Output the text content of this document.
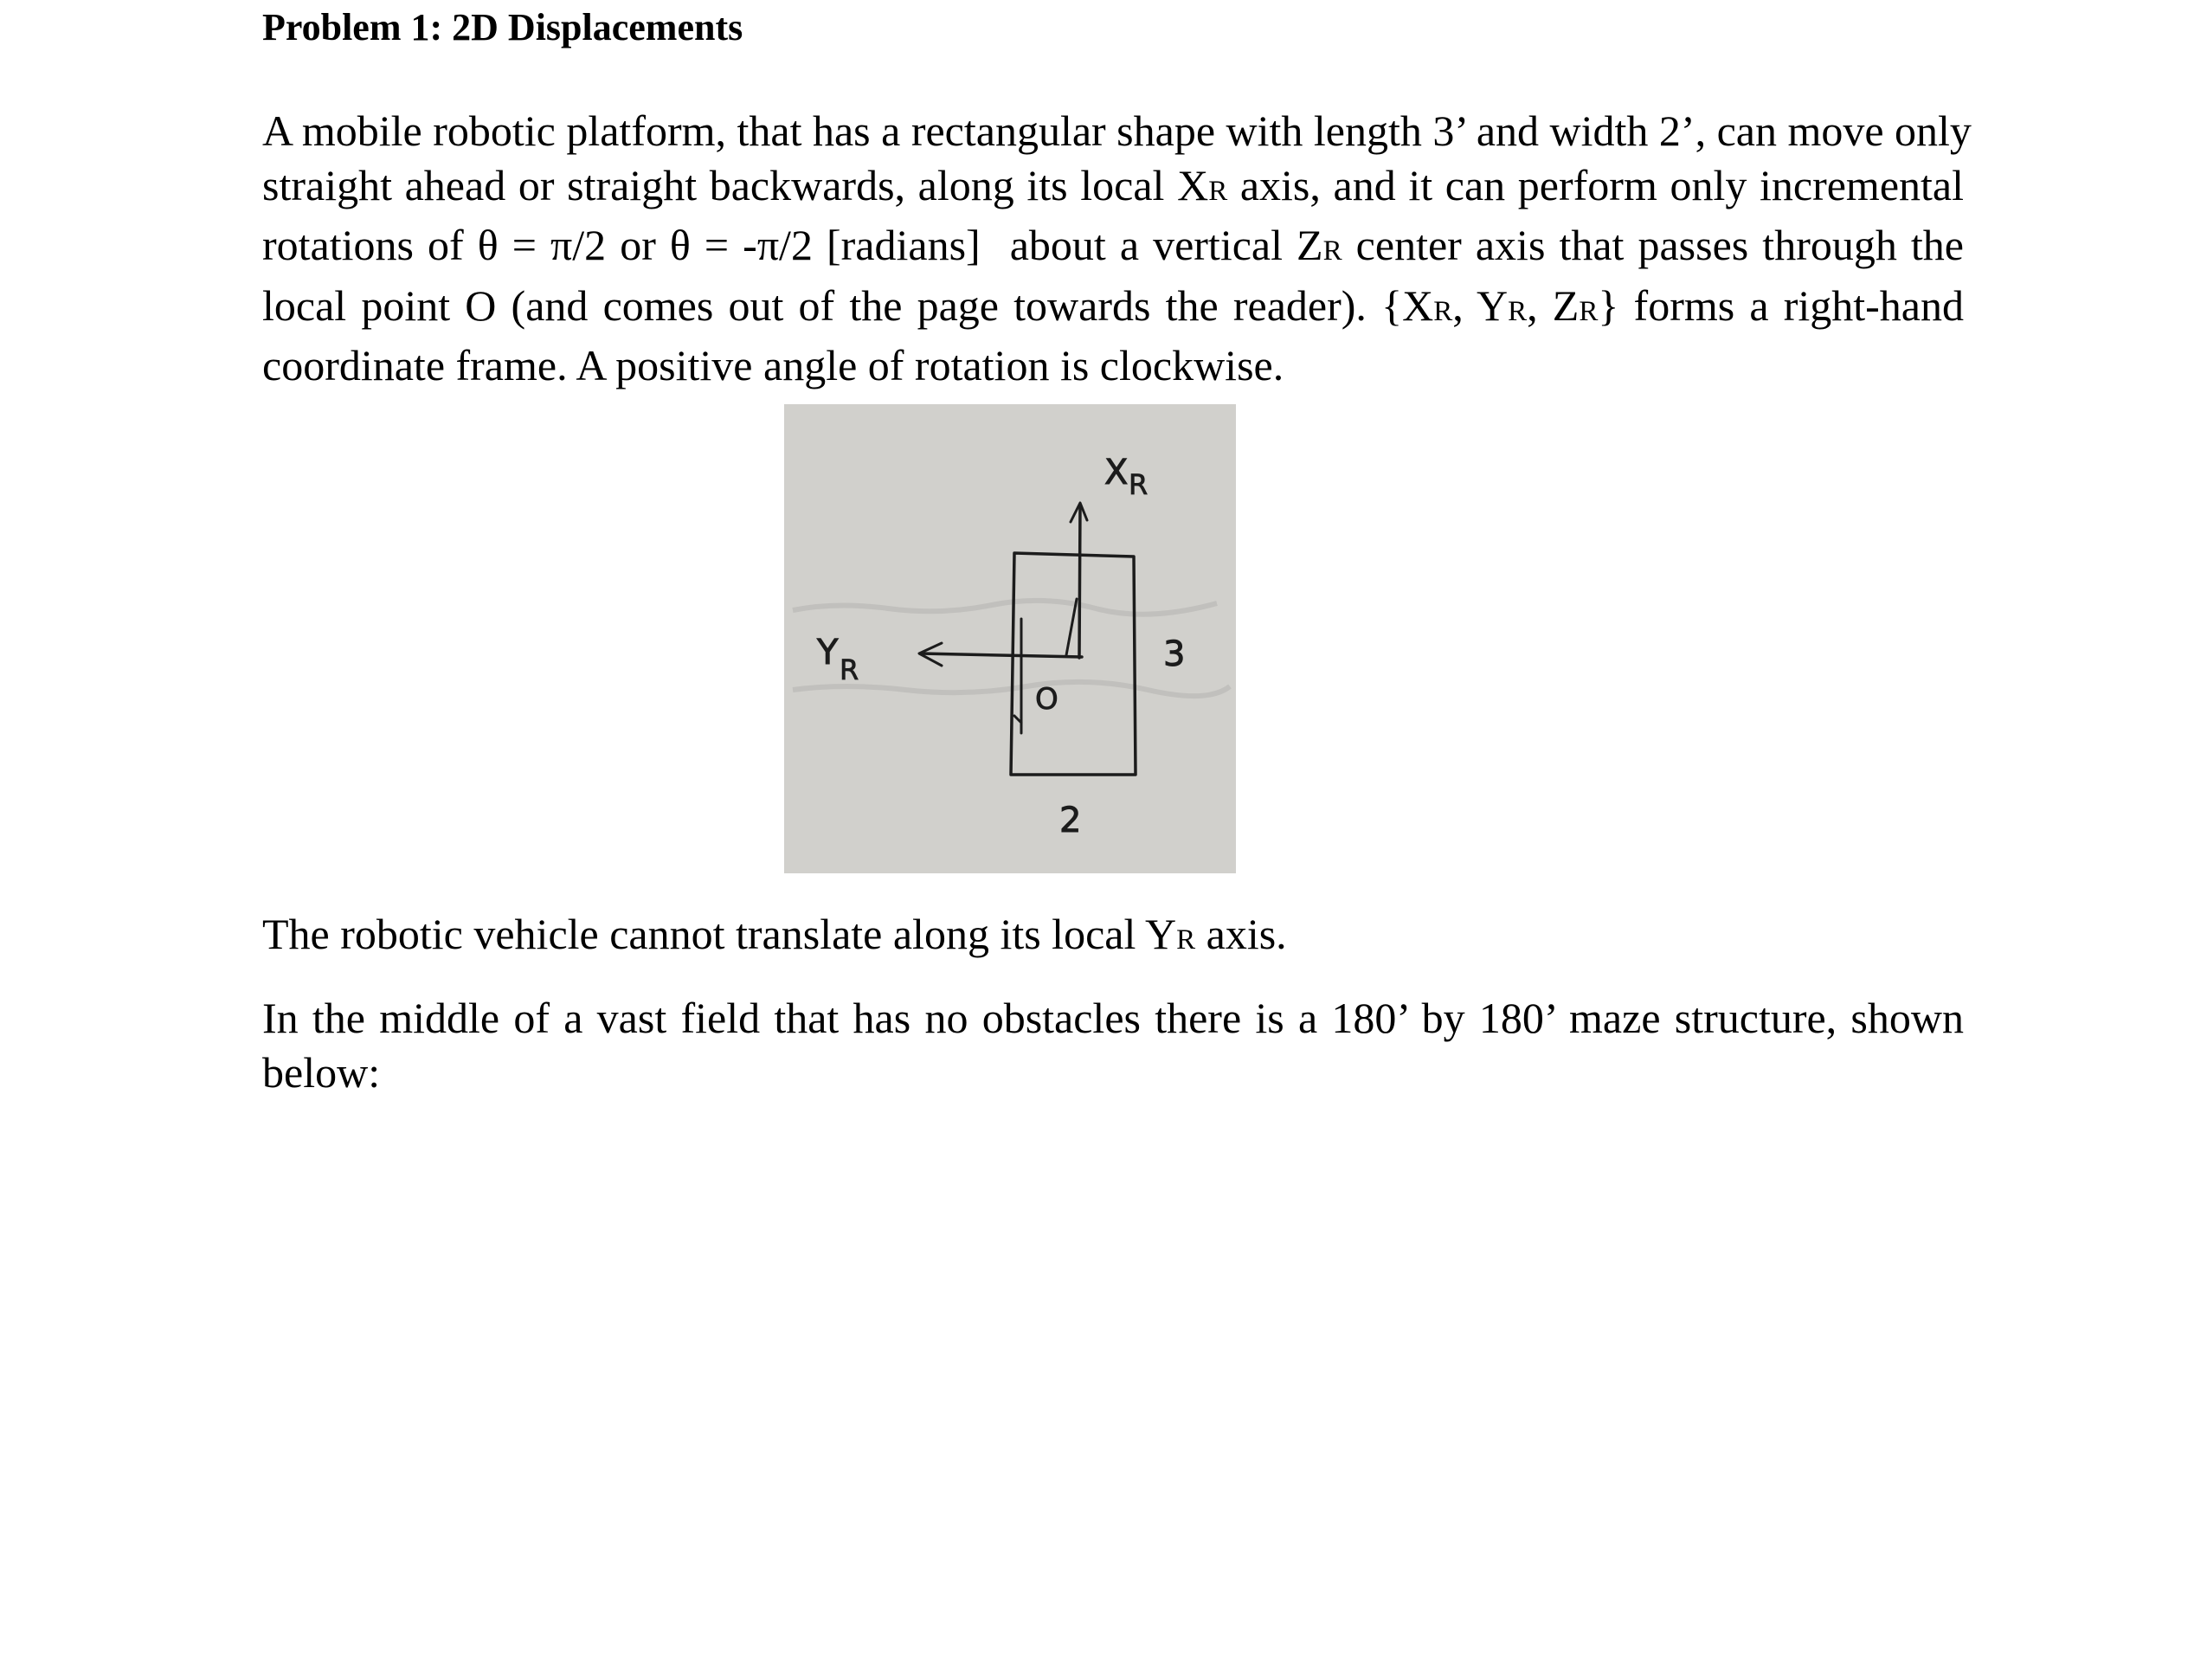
Problem 1: 2D Displacements
A mobile robotic platform, that has a rectangular shape with length 3’ and width 2’, can move only
straight ahead or straight backwards, along its local XR axis, and it can perform only incremental
rotations of θ = π/2 or θ = -π/2 [radians] about a vertical ZR center axis that passes through the
local point O (and comes out of the page towards the reader). {XR, YR, ZR} forms a right-hand
coordinate frame. A positive angle of rotation is clockwise.
X R
Y R
O
3
2
The robotic vehicle cannot translate along its local YR axis.
In the middle of a vast field that has no obstacles there is a 180’ by 180’ maze structure, shown
below:
